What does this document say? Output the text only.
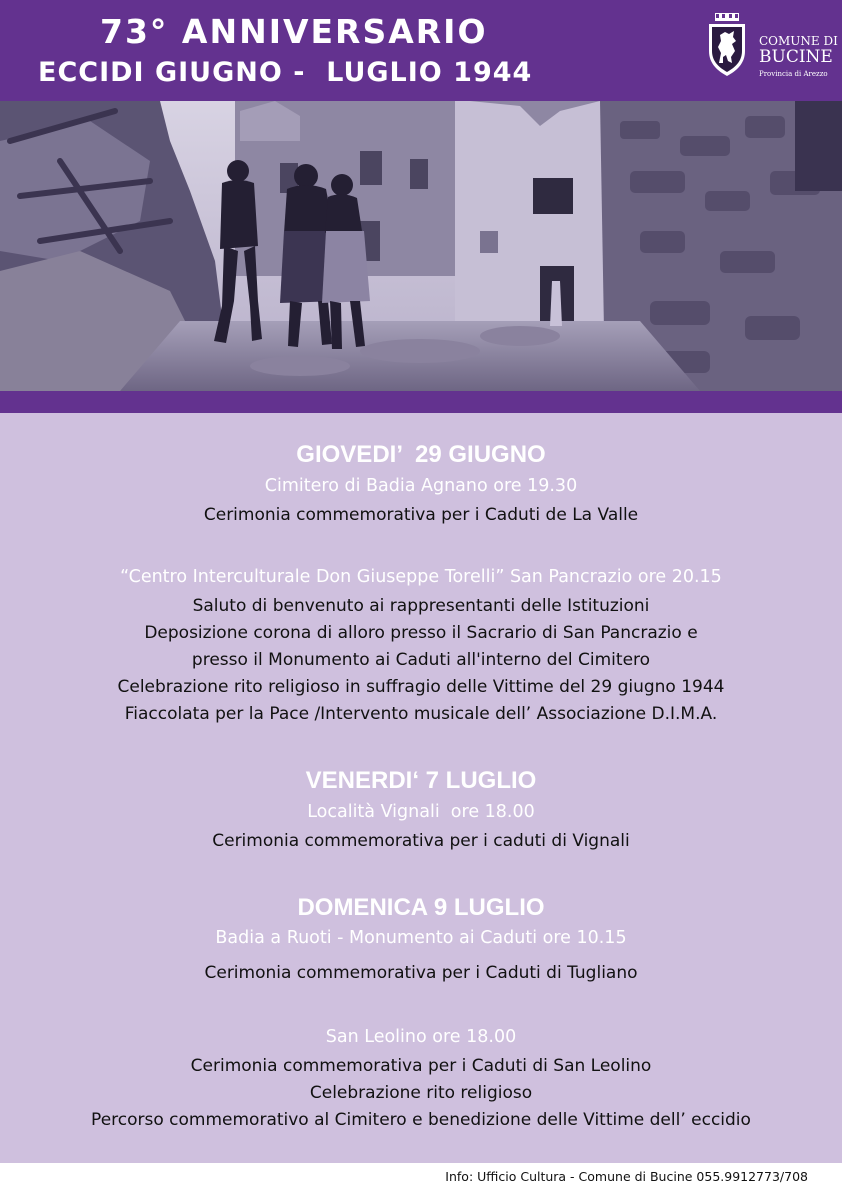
73° ANNIVERSARIO
ECCIDI GIUGNO -  LUGLIO 1944
COMUNE DI
BUCINE
Provincia di Arezzo
GIOVEDI’  29 GIUGNO
Cimitero di Badia Agnano ore 19.30
Cerimonia commemorativa per i Caduti de La Valle
“Centro Interculturale Don Giuseppe Torelli” San Pancrazio ore 20.15
Saluto di benvenuto ai rappresentanti delle Istituzioni
Deposizione corona di alloro presso il Sacrario di San Pancrazio e
presso il Monumento ai Caduti all'interno del Cimitero
Celebrazione rito religioso in suffragio delle Vittime del 29 giugno 1944
Fiaccolata per la Pace /Intervento musicale dell’ Associazione D.I.M.A.
VENERDI‘ 7 LUGLIO
Località Vignali  ore 18.00
Cerimonia commemorativa per i caduti di Vignali
DOMENICA 9 LUGLIO
Badia a Ruoti - Monumento ai Caduti ore 10.15
Cerimonia commemorativa per i Caduti di Tugliano
San Leolino ore 18.00
Cerimonia commemorativa per i Caduti di San Leolino
Celebrazione rito religioso
Percorso commemorativo al Cimitero e benedizione delle Vittime dell’ eccidio
Info: Ufficio Cultura - Comune di Bucine 055.9912773/708
